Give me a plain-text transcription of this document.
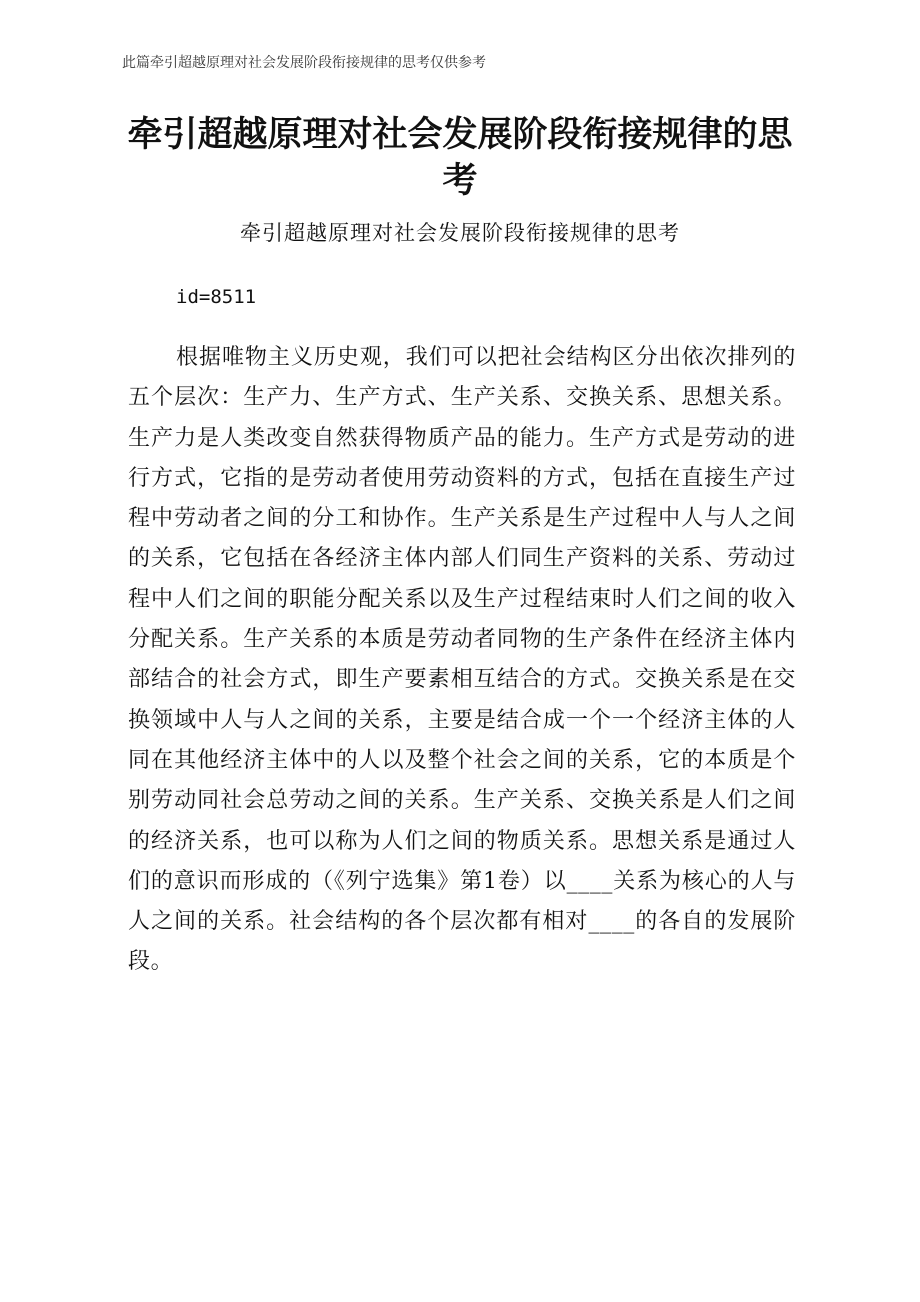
此篇牵引超越原理对社会发展阶段衔接规律的思考仅供参考
牵引超越原理对社会发展阶段衔接规律的思考
牵引超越原理对社会发展阶段衔接规律的思考
id=8511

根据唯物主义历史观，我们可以把社会结构区分出依次排列的五个层次：生产力、生产方式、生产关系、交换关系、思想关系。生产力是人类改变自然获得物质产品的能力。生产方式是劳动的进行方式，它指的是劳动者使用劳动资料的方式，包括在直接生产过程中劳动者之间的分工和协作。生产关系是生产过程中人与人之间的关系，它包括在各经济主体内部人们同生产资料的关系、劳动过程中人们之间的职能分配关系以及生产过程结束时人们之间的收入分配关系。生产关系的本质是劳动者同物的生产条件在经济主体内部结合的社会方式，即生产要素相互结合的方式。交换关系是在交换领域中人与人之间的关系，主要是结合成一个一个经济主体的人同在其他经济主体中的人以及整个社会之间的关系，它的本质是个别劳动同社会总劳动之间的关系。生产关系、交换关系是人们之间的经济关系，也可以称为人们之间的物质关系。思想关系是通过人们的意识而形成的（《列宁选集》第1卷）以____关系为核心的人与人之间的关系。社会结构的各个层次都有相对____的各自的发展阶段。
